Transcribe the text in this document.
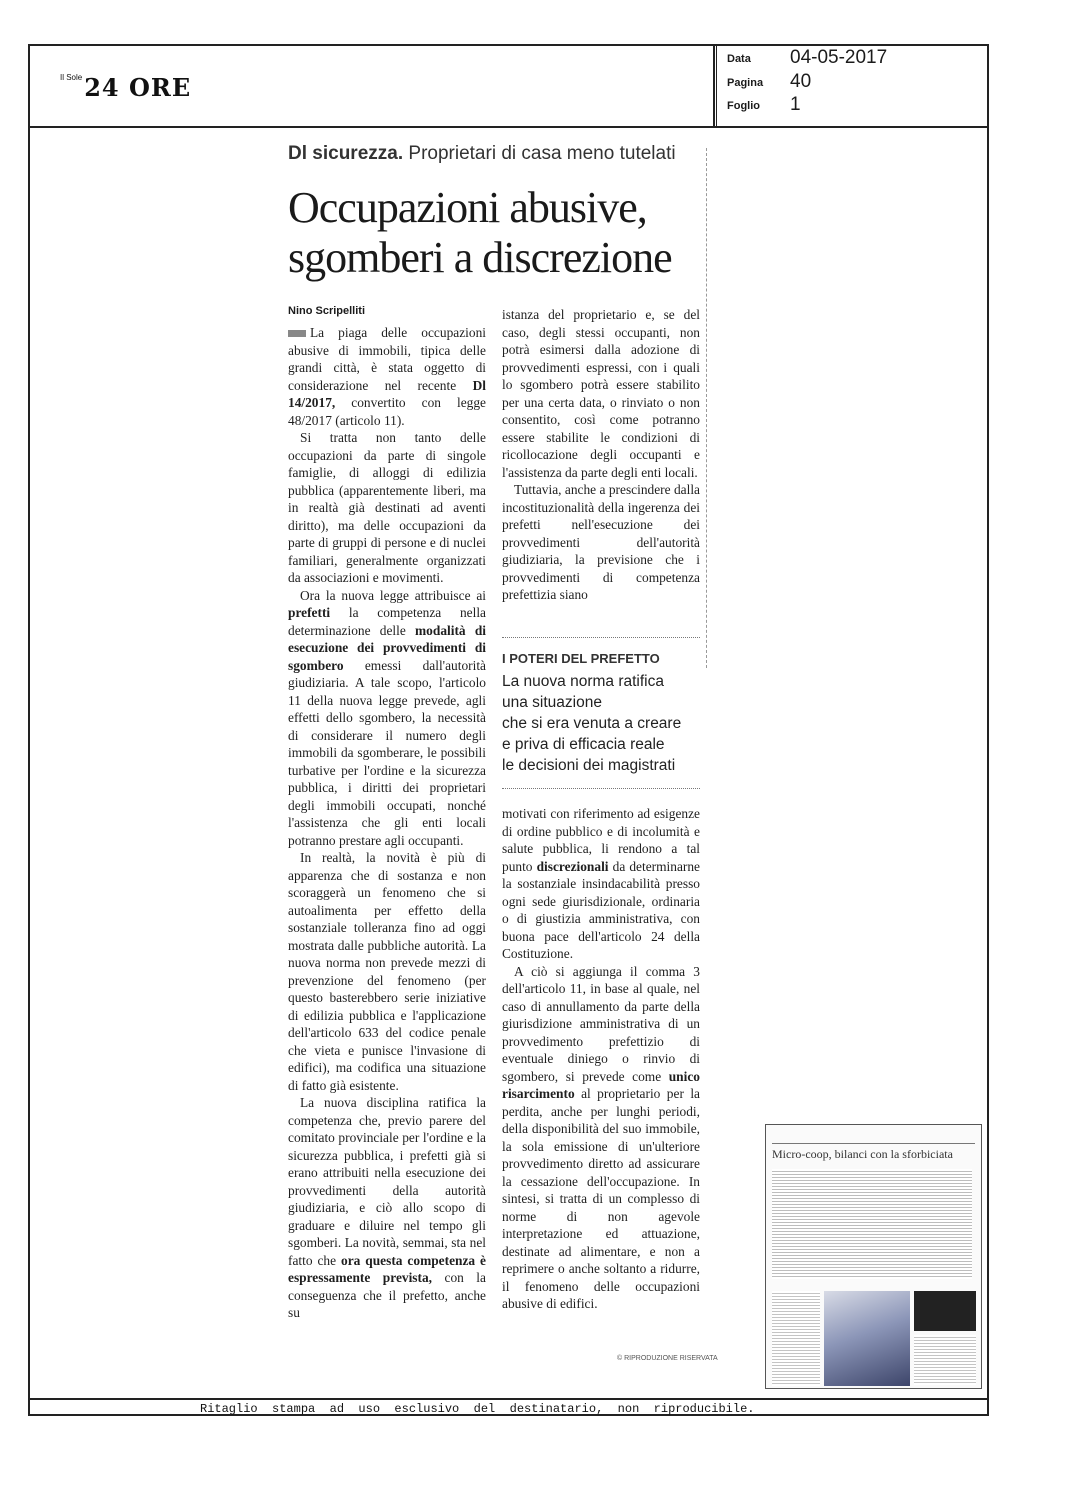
$^{Il Sole}$24 ORE
Data 04-05-2017
Pagina 40
Foglio 1
Dl sicurezza. Proprietari di casa meno tutelati
Occupazioni abusive,
sgomberi a discrezione
Nino Scripelliti

La piaga delle occupazioni abusive di immobili, tipica delle grandi città, è stata oggetto di considerazione nel recente Dl 14/2017, convertito con legge 48/2017 (articolo 11).

Si tratta non tanto delle occupazioni da parte di singole famiglie, di alloggi di edilizia pubblica (apparentemente liberi, ma in realtà già destinati ad aventi diritto), ma delle occupazioni da parte di gruppi di persone e di nuclei familiari, generalmente organizzati da associazioni e movimenti.

Ora la nuova legge attribuisce ai prefetti la competenza nella determinazione delle modalità di esecuzione dei provvedimenti di sgombero emessi dall'autorità giudiziaria. A tale scopo, l'articolo 11 della nuova legge prevede, agli effetti dello sgombero, la necessità di considerare il numero degli immobili da sgomberare, le possibili turbative per l'ordine e la sicurezza pubblica, i diritti dei proprietari degli immobili occupati, nonché l'assistenza che gli enti locali potranno prestare agli occupanti.

In realtà, la novità è più di apparenza che di sostanza e non scoraggerà un fenomeno che si autoalimenta per effetto della sostanziale tolleranza fino ad oggi mostrata dalle pubbliche autorità. La nuova norma non prevede mezzi di prevenzione del fenomeno (per questo basterebbero serie iniziative di edilizia pubblica e l'applicazione dell'articolo 633 del codice penale che vieta e punisce l'invasione di edifici), ma codifica una situazione di fatto già esistente.

La nuova disciplina ratifica la competenza che, previo parere del comitato provinciale per l'ordine e la sicurezza pubblica, i prefetti già si erano attribuiti nella esecuzione dei provvedimenti della autorità giudiziaria, e ciò allo scopo di graduare e diluire nel tempo gli sgomberi. La novità, semmai, sta nel fatto che ora questa competenza è espressamente prevista, con la conseguenza che il prefetto, anche su

istanza del proprietario e, se del caso, degli stessi occupanti, non potrà esimersi dalla adozione di provvedimenti espressi, con i quali lo sgombero potrà essere stabilito per una certa data, o rinviato o non consentito, così come potranno essere stabilite le condizioni di ricollocazione degli occupanti e l'assistenza da parte degli enti locali.

Tuttavia, anche a prescindere dalla incostituzionalità della ingerenza dei prefetti nell'esecuzione dei provvedimenti dell'autorità giudiziaria, la previsione che i provvedimenti di competenza prefettizia siano

I POTERI DEL PREFETTO
La nuova norma ratifica
una situazione
che si era venuta a creare
e priva di efficacia reale
le decisioni dei magistrati

motivati con riferimento ad esigenze di ordine pubblico e di incolumità e salute pubblica, li rendono a tal punto discrezionali da determinarne la sostanziale insindacabilità presso ogni sede giurisdizionale, ordinaria o di giustizia amministrativa, con buona pace dell'articolo 24 della Costituzione.

A ciò si aggiunga il comma 3 dell'articolo 11, in base al quale, nel caso di annullamento da parte della giurisdizione amministrativa di un provvedimento prefettizio di eventuale diniego o rinvio di sgombero, si prevede come unico risarcimento al proprietario per la perdita, anche per lunghi periodi, della disponibilità del suo immobile, la sola emissione di un'ulteriore provvedimento diretto ad assicurare la cessazione dell'occupazione. In sintesi, si tratta di un complesso di norme di non agevole interpretazione ed attuazione, destinate ad alimentare, e non a reprimere o anche soltanto a ridurre, il fenomeno delle occupazioni abusive di edifici.

© RIPRODUZIONE RISERVATA
Micro-coop, bilanci con la sforbiciata
Ritaglio  stampa  ad  uso  esclusivo  del  destinatario,  non  riproducibile.
